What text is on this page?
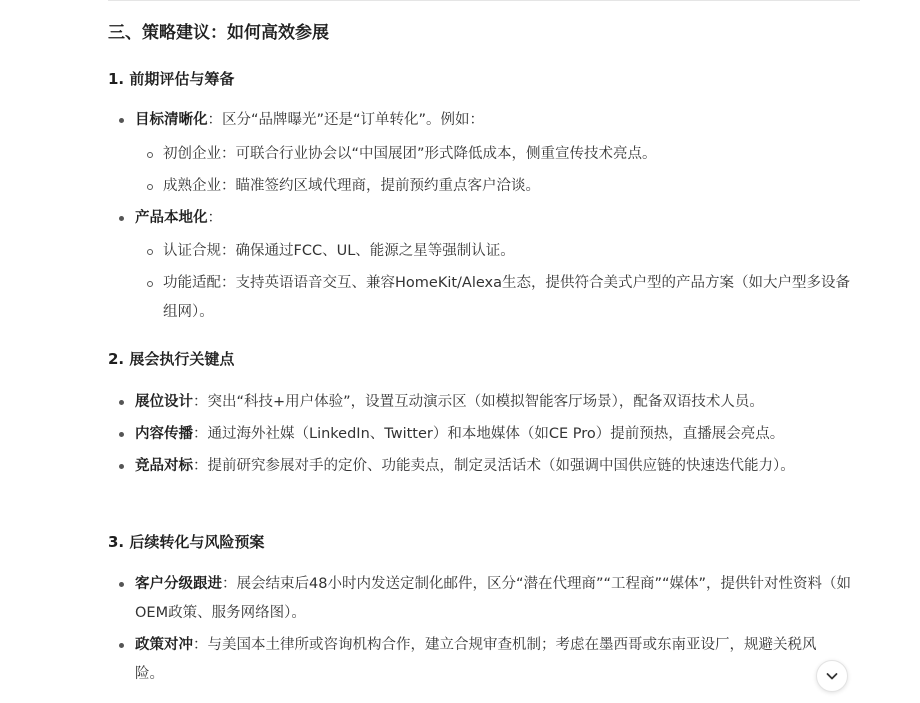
三、策略建议：如何高效参展
1. 前期评估与筹备
目标清晰化：区分“品牌曝光”还是“订单转化”。例如：
初创企业：可联合行业协会以“中国展团”形式降低成本，侧重宣传技术亮点。
成熟企业：瞄准签约区域代理商，提前预约重点客户洽谈。
产品本地化：
认证合规：确保通过FCC、UL、能源之星等强制认证。
功能适配：支持英语语音交互、兼容HomeKit/Alexa生态，提供符合美式户型的产品方案（如大户型多设备组网）。
2. 展会执行关键点
展位设计：突出“科技+用户体验”，设置互动演示区（如模拟智能客厅场景），配备双语技术人员。
内容传播：通过海外社媒（LinkedIn、Twitter）和本地媒体（如CE Pro）提前预热，直播展会亮点。
竞品对标：提前研究参展对手的定价、功能卖点，制定灵活话术（如强调中国供应链的快速迭代能力）。
3. 后续转化与风险预案
客户分级跟进：展会结束后48小时内发送定制化邮件，区分“潜在代理商”“工程商”“媒体”，提供针对性资料（如OEM政策、服务网络图）。
政策对冲：与美国本土律所或咨询机构合作，建立合规审查机制；考虑在墨西哥或东南亚设厂，规避关税风险。
